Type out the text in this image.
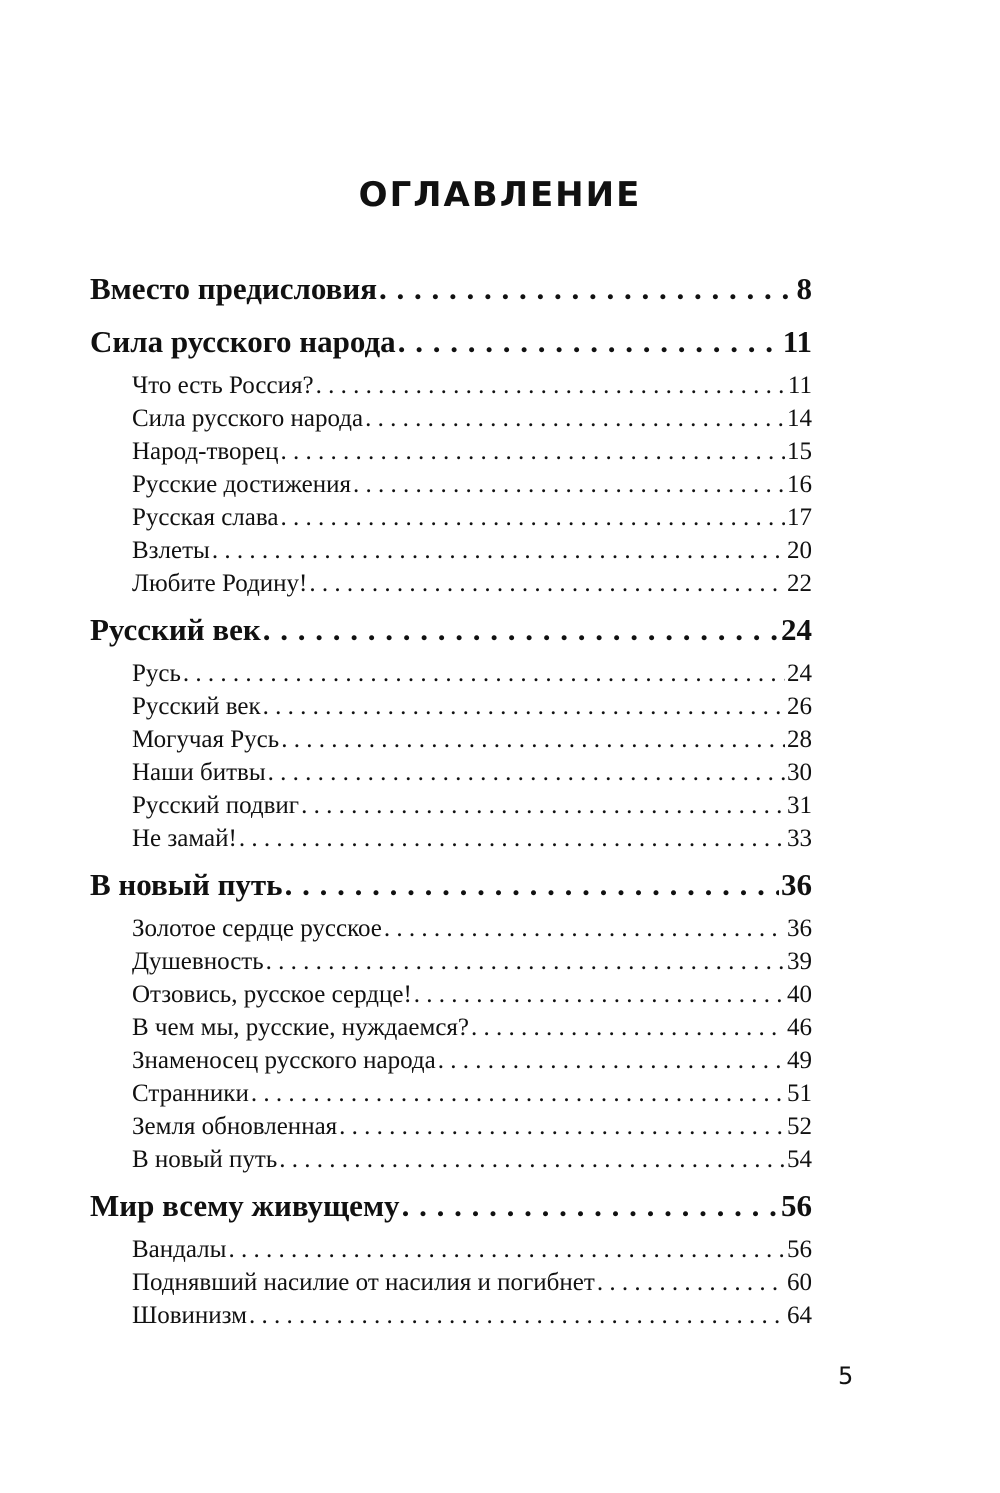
ОГЛАВЛЕНИЕ
Вместо предисловия . . .	8
Сила русского народа . . .	11
Что есть Россия? . . .	11
Сила русского народа . . .	14
Народ-творец . . .	15
Русские достижения . . .	16
Русская слава . . .	17
Взлеты . . .	20
Любите Родину! . . .	22
Русский век . . .	24
Русь . . .	24
Русский век . . .	26
Могучая Русь . . .	28
Наши битвы . . .	30
Русский подвиг . . .	31
Не замай! . . .	33
В новый путь . . .	36
Золотое сердце русское . . .	36
Душевность . . .	39
Отзовись, русское сердце! . . .	40
В чем мы, русские, нуждаемся? . . .	46
Знаменосец русского народа . . .	49
Странники . . .	51
Земля обновленная . . .	52
В новый путь . . .	54
Мир всему живущему . . .	56
Вандалы . . .	56
Поднявший насилие от насилия и погибнет . . .	60
Шовинизм . . .	64
5
